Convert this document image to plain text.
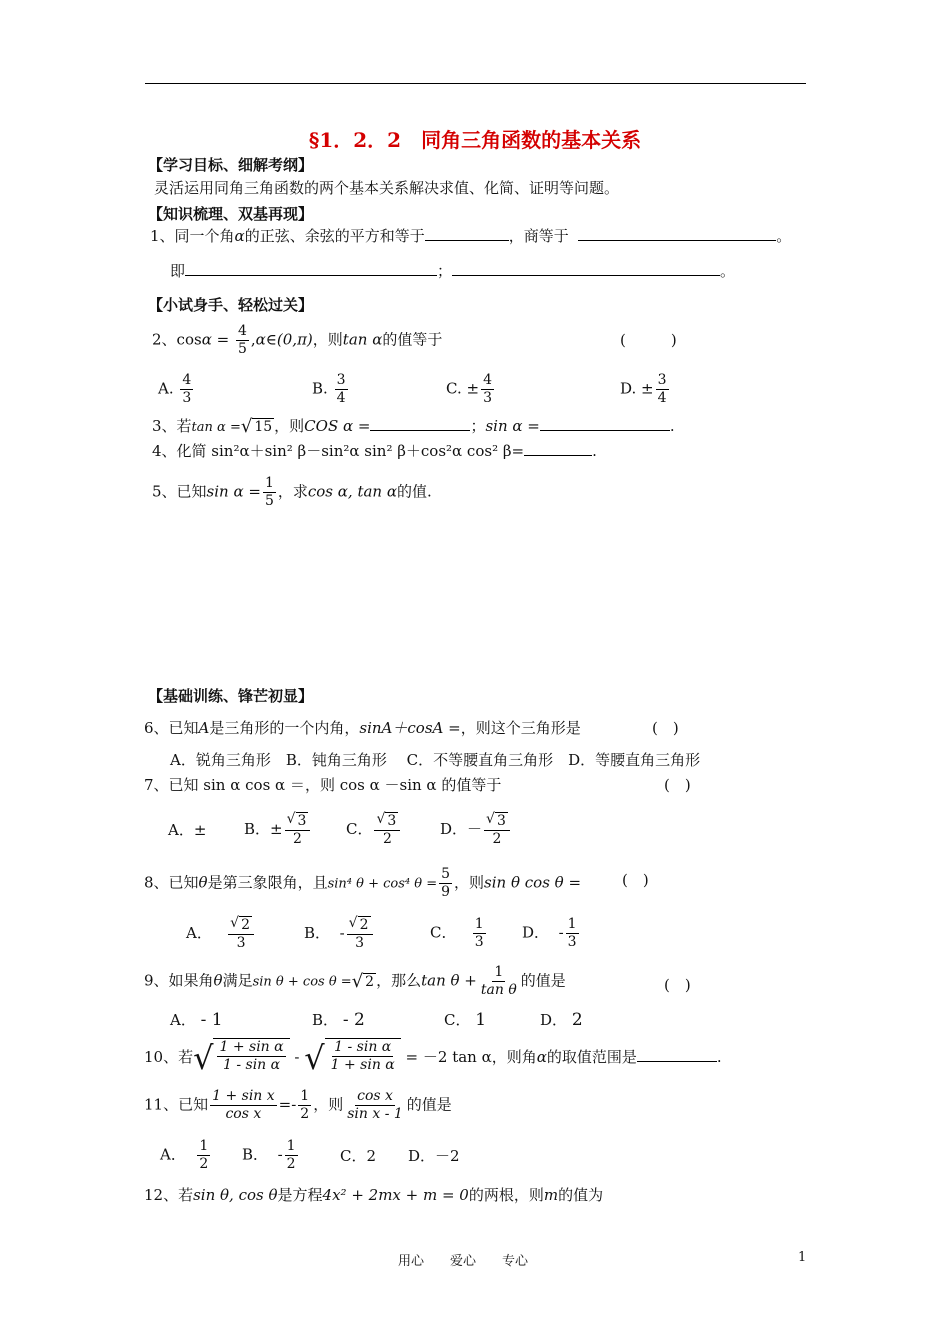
§1．2．2　同角三角函数的基本关系
【学习目标、细解考纲】
灵活运用同角三角函数的两个基本关系解决求值、化简、证明等问题。
【知识梳理、双基再现】
1、同一个角α的正弦、余弦的平方和等于	，商等于	。
即	；	。
【小试身手、轻松过关】
2、$\cos\alpha = \frac{4}{5}$ ,α∈(0,π)，则tan α的值等于	(　　　)
A. $\frac{4}{3}$	B. $\frac{3}{4}$	C. ± $\frac{4}{3}$	D. ± $\frac{3}{4}$
3、若tan α = √ 15 ，则COS α =	；sin α =	.
4、化简 sin²α＋sin² β－sin²α sin² β＋cos²α cos² β=	.
5、已知$\sin \alpha = \frac{1}{5}$ ，求cos α, tan α的值.
【基础训练、锋芒初显】
6、已知A是三角形的一个内角，sinA＋cosA =，则这个三角形是	(　)
A．锐角三角形　B．钝角三角形　 C．不等腰直角三角形　D．等腰直角三角形
7、已知 sin α cos α ＝，则 cos α －sin α 的值等于	(　)
A．±	B．± $\frac{√ 3}{2}$ C． $\frac{√ 3}{2}$	D．－ $\frac{√ 3}{2}$
8、已知θ是第三象限角，且sin⁴ θ + cos⁴ $\theta = \frac{5}{9}$ ，则sin θ cos θ =	(　)
A． $\frac{√ 2}{3}$	B． - $\frac{√ 2}{3}$	C． $\frac{1}{3}$ D． - $\frac{1}{3}$
9、如果角θ满足sin θ + cos θ = √ 2 ，那么$\tan \theta + \frac{1}{\text{tan θ}}$ 的值是	(　)
A． - 1	B． - 2	C． 1	D． 2
10、若 √ $\frac{\text{1 + sin α}}{\text{1 - sin α}}$ - √ $\frac{\text{1 - sin α}}{\text{1 + sin α}} = -2$ tan α，则角α的取值范围是	.
11、已知 $\frac{\text{1 + sin x}}{\text{cos x}} =- \frac{1}{2}$ ，则 $\frac{\text{cos x}}{\text{sin x - 1}}$ 的值是
A． $\frac{1}{2}$ B． - $\frac{1}{2}$	C．2 D．－2
12、若sin θ, cos θ是方程4x² + 2mx + m = 0的两根，则m的值为
用心　　爱心　　专心	1
